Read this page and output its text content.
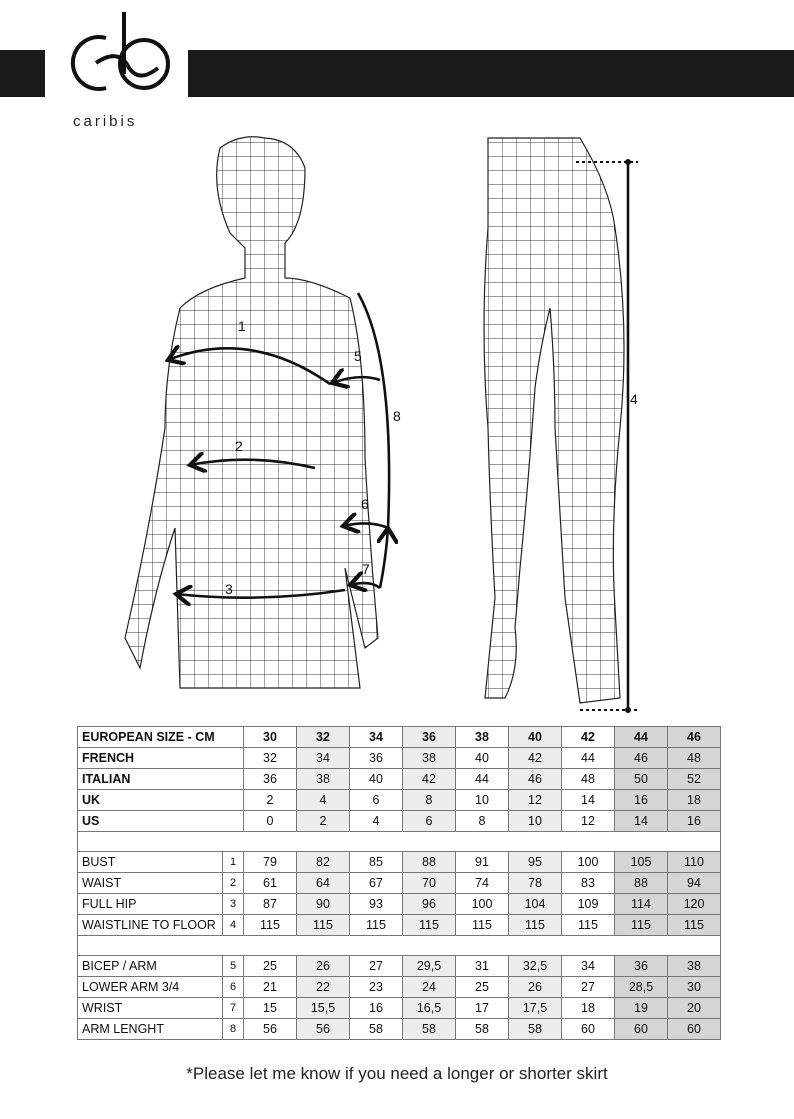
caribis
1
2
3
4
5
6
7
8
EUROPEAN SIZE - CM		30	32	34	36	38	40	42	44	46
FRENCH		32	34	36	38	40	42	44	46	48
ITALIAN		36	38	40	42	44	46	48	50	52
UK		2	4	6	8	10	12	14	16	18
US		0	2	4	6	8	10	12	14	16

BUST	1	79	82	85	88	91	95	100	105	110
WAIST	2	61	64	67	70	74	78	83	88	94
FULL HIP	3	87	90	93	96	100	104	109	114	120
WAISTLINE TO FLOOR	4	115	115	115	115	115	115	115	115	115

BICEP / ARM	5	25	26	27	29,5	31	32,5	34	36	38
LOWER ARM 3/4	6	21	22	23	24	25	26	27	28,5	30
WRIST	7	15	15,5	16	16,5	17	17,5	18	19	20
ARM LENGHT	8	56	56	58	58	58	58	60	60	60
*Please let me know if you need a longer or shorter skirt
